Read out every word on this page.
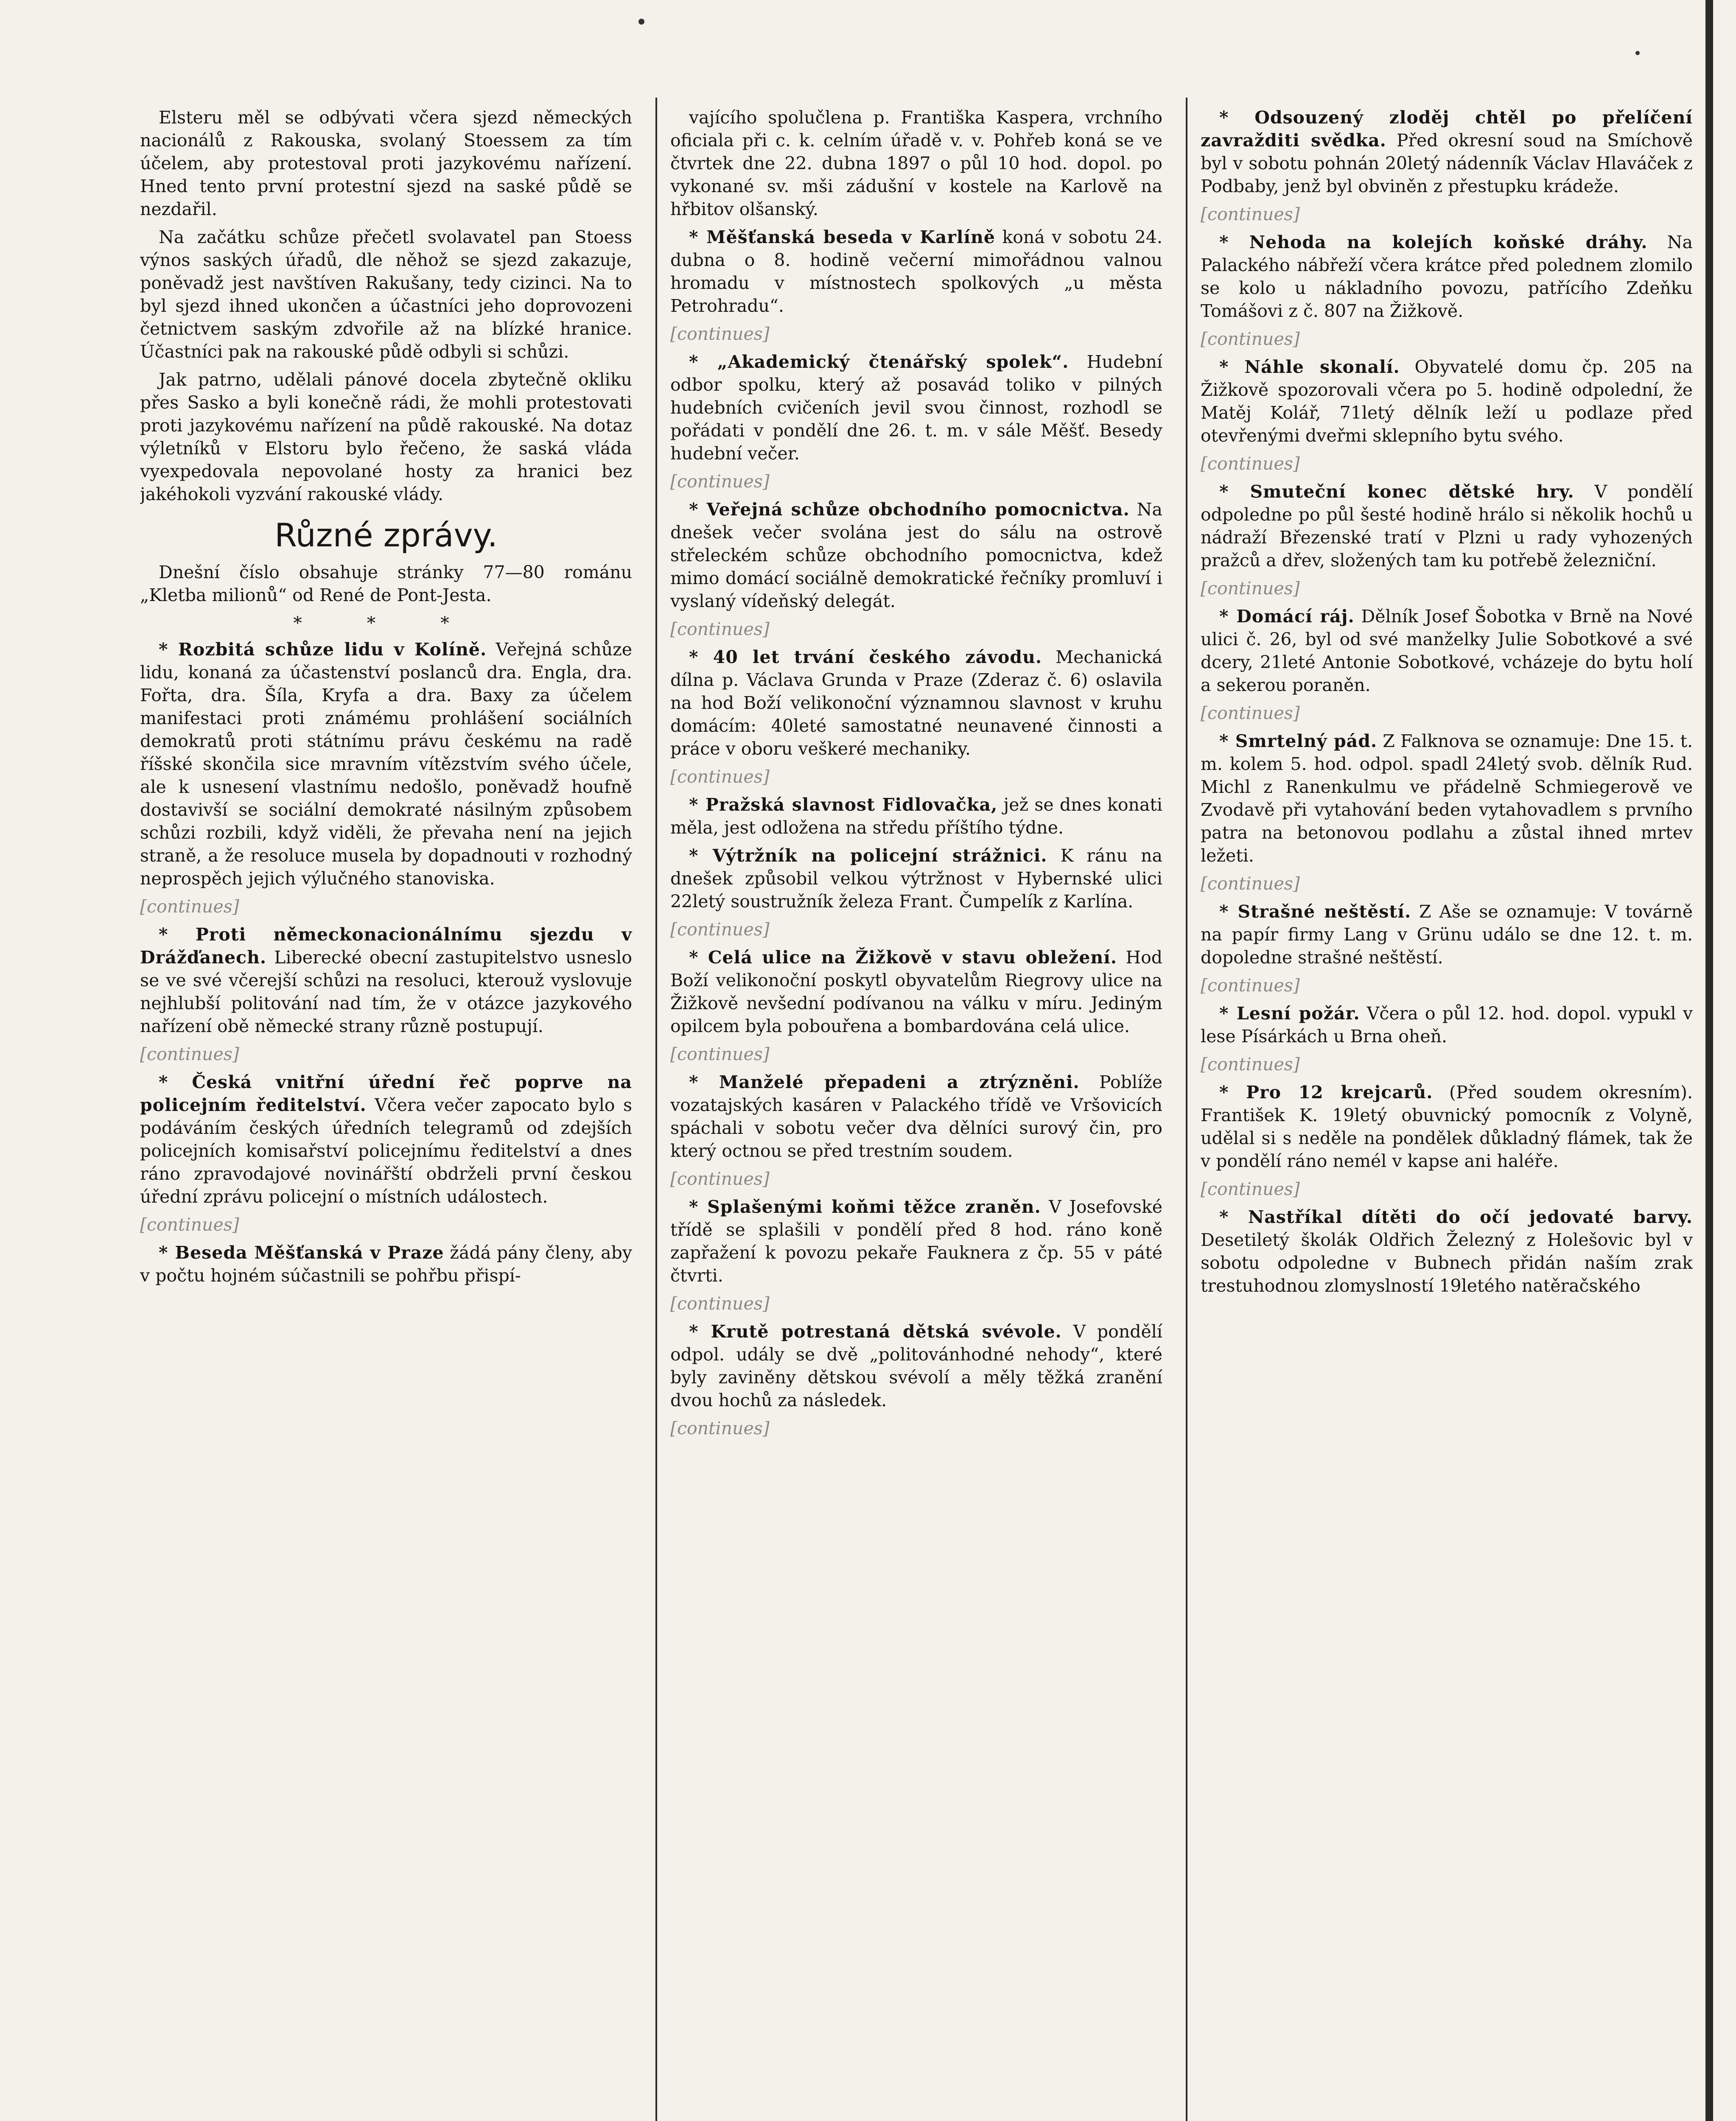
Elsteru měl se odbývati včera sjezd německých nacionálů z Rakouska, svolaný Stoessem za tím účelem, aby protestoval proti jazykovému nařízení. Hned tento první protestní sjezd na saské půdě se nezdařil.

Na začátku schůze přečetl svolavatel pan Stoess výnos saských úřadů, dle něhož se sjezd zakazuje, poněvadž jest navštíven Rakušany, tedy cizinci. Na to byl sjezd ihned ukončen a účastníci jeho doprovozeni četnictvem saským zdvořile až na blízké hranice. Účastníci pak na rakouské půdě odbyli si schůzi.

Jak patrno, udělali pánové docela zbytečně okliku přes Sasko a byli konečně rádi, že mohli protestovati proti jazykovému nařízení na půdě rakouské. Na dotaz výletníků v Elstoru bylo řečeno, že saská vláda vyexpedovala nepovolané hosty za hranici bez jakéhokoli vyzvání rakouské vlády.

Různé zprávy.

Dnešní číslo obsahuje stránky 77—80 románu „Kletba milionů“ od René de Pont-Jesta.

* * *

* Rozbitá schůze lidu v Kolíně. Veřejná schůze lidu, konaná za účastenství poslanců dra. Engla, dra. Fořta, dra. Šíla, Kryfa a dra. Baxy za účelem manifestaci proti známému prohlášení sociálních demokratů proti státnímu právu českému na radě říšské skončila sice mravním vítězstvím svého účele, ale k usnesení vlastnímu nedošlo, poněvadž houfně dostavivší se sociální demokraté násilným způsobem schůzi rozbili, když viděli, že převaha není na jejich straně, a že resoluce musela by dopadnouti v rozhodný neprospěch jejich výlučného stanoviska.

[continues]

* Proti německonacionálnímu sjezdu v Drážďanech. Liberecké obecní zastupitelstvo usneslo se ve své včerejší schůzi na resoluci, kterouž vyslovuje nejhlubší politování nad tím, že v otázce jazykového nařízení obě německé strany různě postupují.

[continues]

* Česká vnitřní úřední řeč poprve na policejním ředitelství. Včera večer zapocato bylo s podáváním českých úředních telegramů od zdejších policejních komisařství policejnímu ředitelství a dnes ráno zpravodajové novinářští obdrželi první českou úřední zprávu policejní o místních událostech.

[continues]

* Beseda Měšťanská v Praze žádá pány členy, aby v počtu hojném súčastnili se pohřbu přispí-

vajícího spolučlena p. Františka Kaspera, vrchního oficiala při c. k. celním úřadě v. v. Pohřeb koná se ve čtvrtek dne 22. dubna 1897 o půl 10 hod. dopol. po vykonané sv. mši zádušní v kostele na Karlově na hřbitov olšanský.

* Měšťanská beseda v Karlíně koná v sobotu 24. dubna o 8. hodině večerní mimořádnou valnou hromadu v místnostech spolkových „u města Petrohradu“.

[continues]

* „Akademický čtenářský spolek“. Hudební odbor spolku, který až posavád toliko v pilných hudebních cvičeních jevil svou činnost, rozhodl se pořádati v pondělí dne 26. t. m. v sále Měšť. Besedy hudební večer.

[continues]

* Veřejná schůze obchodního pomocnictva. Na dnešek večer svolána jest do sálu na ostrově střeleckém schůze obchodního pomocnictva, kdež mimo domácí sociálně demokratické řečníky promluví i vyslaný vídeňský delegát.

[continues]

* 40 let trvání českého závodu. Mechanická dílna p. Václava Grunda v Praze (Zderaz č. 6) oslavila na hod Boží velikonoční významnou slavnost v kruhu domácím: 40leté samostatné neunavené činnosti a práce v oboru veškeré mechaniky.

[continues]

* Pražská slavnost Fidlovačka, jež se dnes konati měla, jest odložena na středu příštího týdne.

* Výtržník na policejní strážnici. K ránu na dnešek způsobil velkou výtržnost v Hybernské ulici 22letý soustružník železa Frant. Čumpelík z Karlína.

[continues]

* Celá ulice na Žižkově v stavu obležení. Hod Boží velikonoční poskytl obyvatelům Riegrovy ulice na Žižkově nevšední podívanou na válku v míru. Jediným opilcem byla pobouřena a bombardována celá ulice.

[continues]

* Manželé přepadeni a ztrýzněni. Poblíže vozatajských kasáren v Palackého třídě ve Vršovicích spáchali v sobotu večer dva dělníci surový čin, pro který octnou se před trestním soudem.

[continues]

* Splašenými koňmi těžce zraněn. V Josefovské třídě se splašili v pondělí před 8 hod. ráno koně zapřažení k povozu pekaře Fauknera z čp. 55 v páté čtvrti.

[continues]

* Krutě potrestaná dětská svévole. V pondělí odpol. udály se dvě „politovánhodné nehody“, které byly zaviněny dětskou svévolí a měly těžká zranění dvou hochů za následek.

[continues]

* Odsouzený zloděj chtěl po přelíčení zavražditi svědka. Před okresní soud na Smíchově byl v sobotu pohnán 20letý nádenník Václav Hlaváček z Podbaby, jenž byl obviněn z přestupku krádeže.

[continues]

* Nehoda na kolejích koňské dráhy. Na Palackého nábřeží včera krátce před polednem zlomilo se kolo u nákladního povozu, patřícího Zdeňku Tomášovi z č. 807 na Žižkově.

[continues]

* Náhle skonalí. Obyvatelé domu čp. 205 na Žižkově spozorovali včera po 5. hodině odpolední, že Matěj Kolář, 71letý dělník leží u podlaze před otevřenými dveřmi sklepního bytu svého.

[continues]

* Smuteční konec dětské hry. V pondělí odpoledne po půl šesté hodině hrálo si několik hochů u nádraží Březenské tratí v Plzni u rady vyhozených pražců a dřev, složených tam ku potřebě železniční.

[continues]

* Domácí ráj. Dělník Josef Šobotka v Brně na Nové ulici č. 26, byl od své manželky Julie Sobotkové a své dcery, 21leté Antonie Sobotkové, vcházeje do bytu holí a sekerou poraněn.

[continues]

* Smrtelný pád. Z Falknova se oznamuje: Dne 15. t. m. kolem 5. hod. odpol. spadl 24letý svob. dělník Rud. Michl z Ranenkulmu ve přádelně Schmiegerově ve Zvodavě při vytahování beden vytahovadlem s prvního patra na betonovou podlahu a zůstal ihned mrtev ležeti.

[continues]

* Strašné neštěstí. Z Aše se oznamuje: V továrně na papír firmy Lang v Grünu událo se dne 12. t. m. dopoledne strašné neštěstí.

[continues]

* Lesní požár. Včera o půl 12. hod. dopol. vypukl v lese Písárkách u Brna oheň.

[continues]

* Pro 12 krejcarů. (Před soudem okresním). František K. 19letý obuvnický pomocník z Volyně, udělal si s neděle na pondělek důkladný flámek, tak že v pondělí ráno nemél v kapse ani haléře.

[continues]

* Nastříkal dítěti do očí jedovaté barvy. Desetiletý školák Oldřich Železný z Holešovic byl v sobotu odpoledne v Bubnech přidán naším zrak trestuhodnou zlomyslností 19letého natěračského
